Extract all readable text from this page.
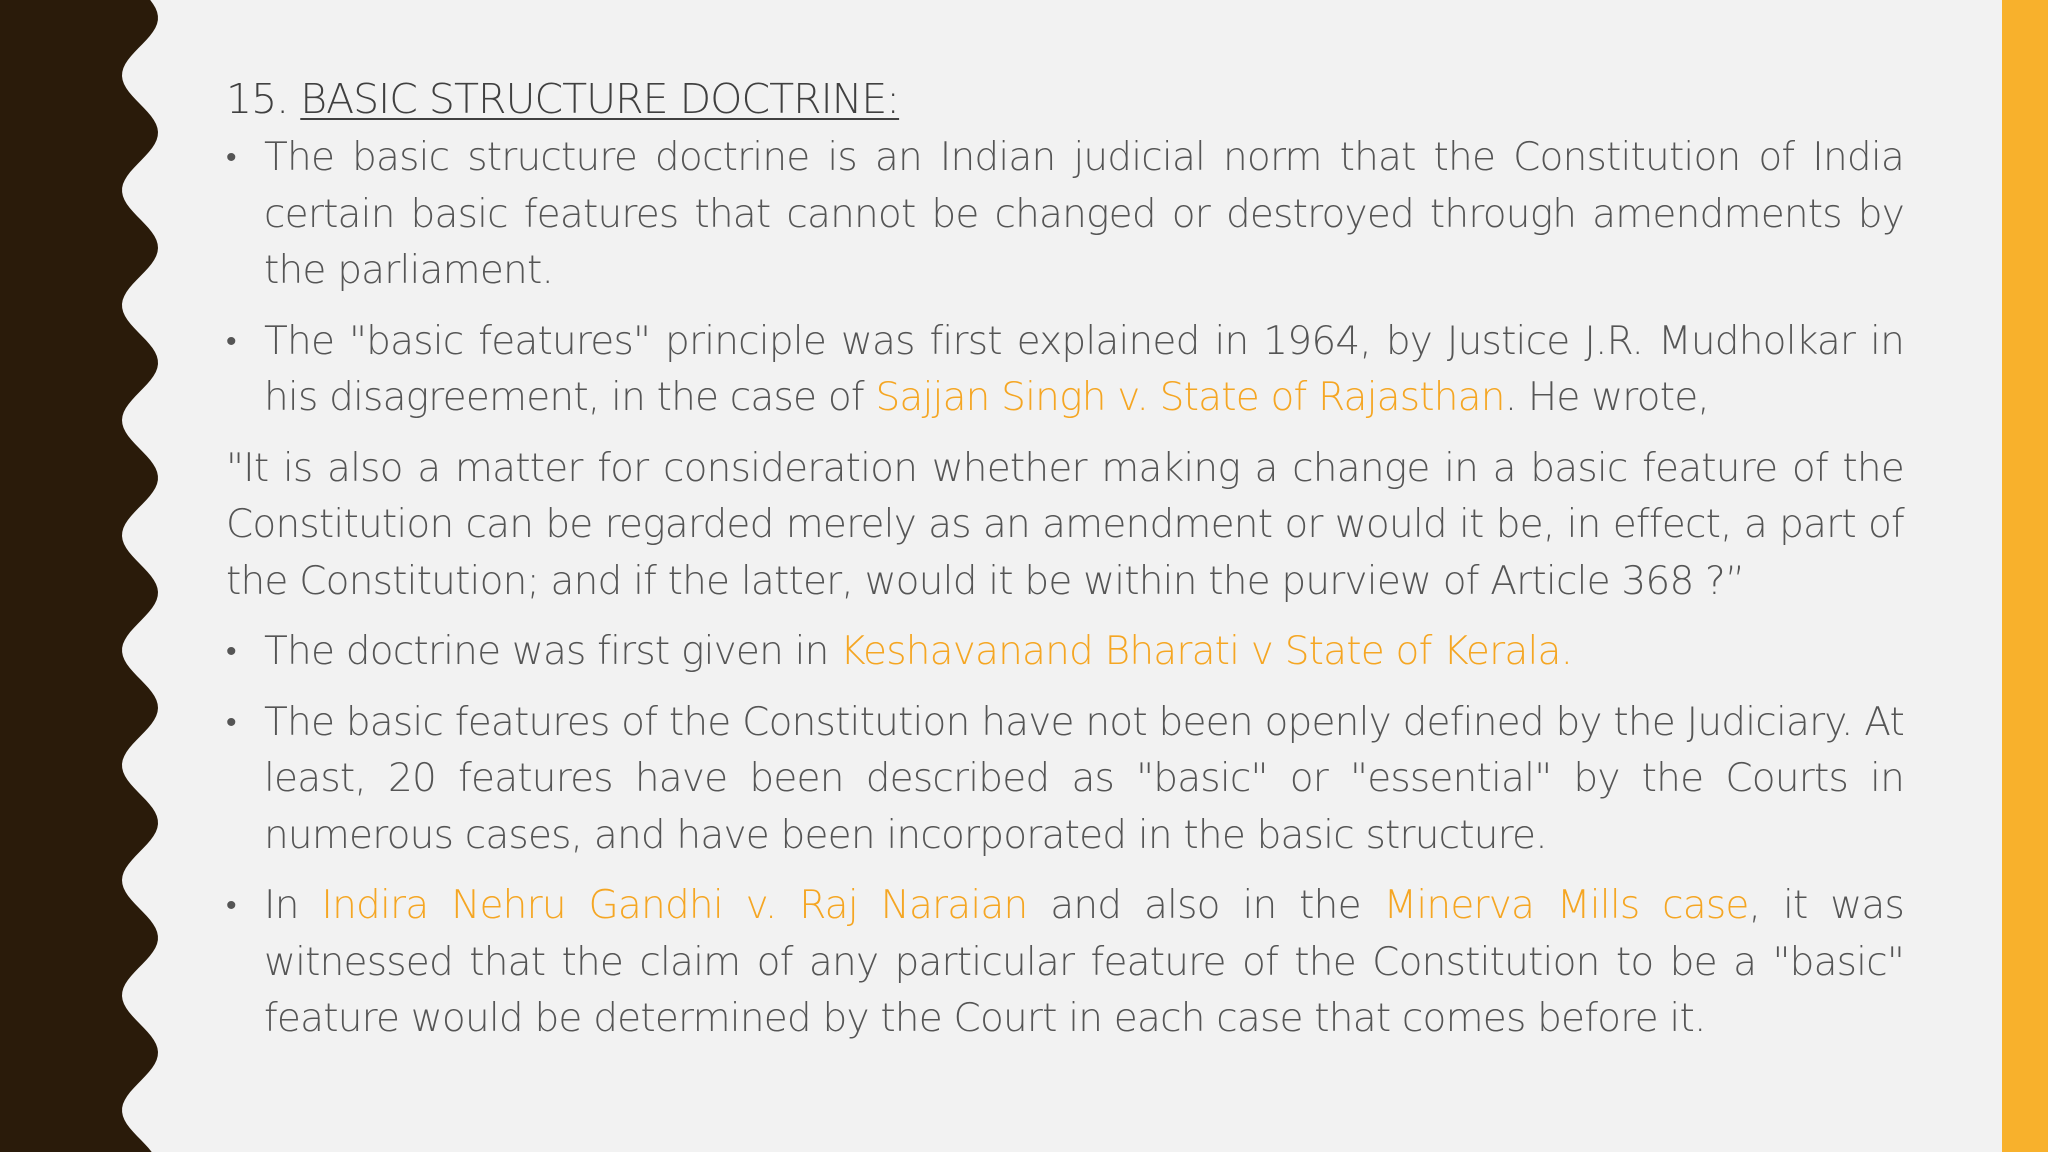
15. BASIC STRUCTURE DOCTRINE:
• The basic structure doctrine is an Indian judicial norm that the Constitution of India certain basic features that cannot be changed or destroyed through amendments by the parliament.
• The "basic features" principle was first explained in 1964, by Justice J.R. Mudholkar in his disagreement, in the case of Sajjan Singh v. State of Rajasthan. He wrote,
"It is also a matter for consideration whether making a change in a basic feature of the Constitution can be regarded merely as an amendment or would it be, in effect, a part of the Constitution; and if the latter, would it be within the purview of Article 368 ?”
• The doctrine was first given in Keshavanand Bharati v State of Kerala.
• The basic features of the Constitution have not been openly defined by the Judiciary. At least, 20 features have been described as "basic" or "essential" by the Courts in numerous cases, and have been incorporated in the basic structure.
• In Indira Nehru Gandhi v. Raj Naraian and also in the Minerva Mills case, it was witnessed that the claim of any particular feature of the Constitution to be a "basic" feature would be determined by the Court in each case that comes before it.
